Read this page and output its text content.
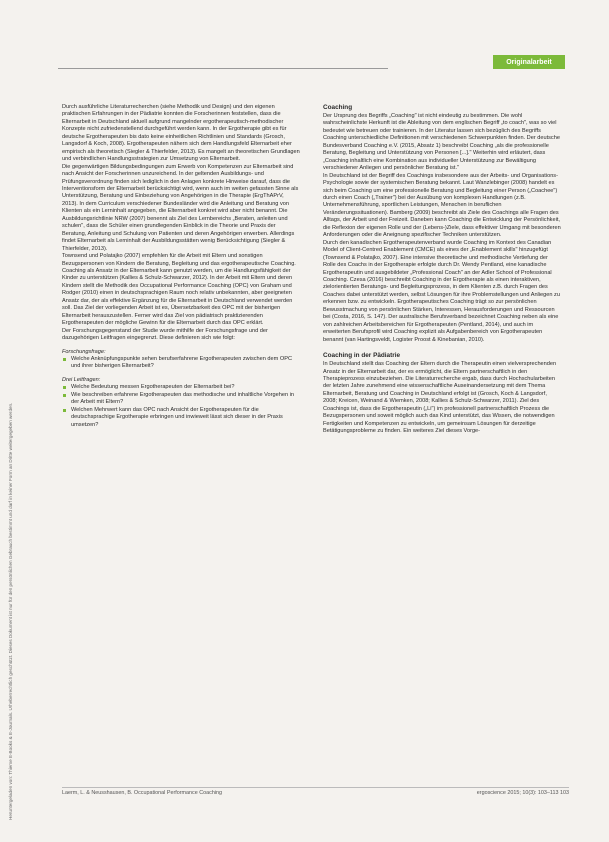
Originalarbeit
Heruntergeladen von: Thieme E-Books & E-Journals. Urheberrechtlich geschützt. Dieses Dokument ist nur für den persönlichen Gebrauch bestimmt und darf in keiner Form an Dritte weitergegeben werden.

Durch ausführliche Literaturrecherchen (siehe Methodik und Design) und den eigenen praktischen Erfahrungen in der Pädiatrie konnten die Forscherinnen feststellen, dass die Elternarbeit in Deutschland aktuell aufgrund mangelnder ergotherapeutisch-methodischer Konzepte nicht zufriedenstellend durchgeführt werden kann. In der Ergotherapie gibt es für deutsche Ergotherapeuten bis dato keine einheitlichen Richtlinien und Standards (Grosch, Langsdorf & Koch, 2008). Ergotherapeuten nähern sich dem Handlungsfeld Elternarbeit eher empirisch als theoretisch (Siegler & Thierfelder, 2013). Es mangelt an theoretischen Grundlagen und verbindlichen Handlungsstrategien zur Umsetzung von Elternarbeit.

Die gegenwärtigen Bildungsbedingungen zum Erwerb von Kompetenzen zur Elternarbeit sind nach Ansicht der Forscherinnen unzureichend. In der geltenden Ausbildungs- und Prüfungsverordnung finden sich lediglich in den Anlagen konkrete Hinweise darauf, dass die Interventionsform der Elternarbeit berücksichtigt wird, wenn auch im weiten gefassten Sinne als Unterstützung, Beratung und Einbeziehung von Angehörigen in die Therapie (ErgThAPrV, 2013). In dem Curriculum verschiedener Bundesländer wird die Anleitung und Beratung von Klienten als ein Lerninhalt angegeben, die Elternarbeit konkret wird aber nicht benannt. Die Ausbildungsrichtlinie NRW (2007) benennt als Ziel des Lernbereichs „Beraten, anleiten und schulen", dass die Schüler einen grundlegenden Einblick in die Theorie und Praxis der Beratung, Anleitung und Schulung von Patienten und deren Angehörigen erwerben. Allerdings findet Elternarbeit als Lerninhalt der Ausbildungsstätten wenig Berücksichtigung (Siegler & Thierfelder, 2013).

Townsend und Polatajko (2007) empfehlen für die Arbeit mit Eltern und sonstigen Bezugspersonen von Kindern die Beratung, Begleitung und das ergotherapeutische Coaching.

Coaching als Ansatz in der Elternarbeit kann genutzt werden, um die Handlungsfähigkeit der Kinder zu unterstützen (Kallies & Schulz-Schwarzer, 2012). In der Arbeit mit Eltern und deren Kindern stellt die Methodik des Occupational Performance Coaching (OPC) von Graham und Rodger (2010) einen in deutschsprachigen Raum noch relativ unbekannten, aber geeigneten Ansatz dar, der als effektive Ergänzung für die Elternarbeit in Deutschland verwendet werden soll. Das Ziel der vorliegenden Arbeit ist es, Übersetzbarkeit des OPC mit der bisherigen Elternarbeit herauszustellen. Ferner wird das Ziel von pädiatrisch praktizierenden Ergotherapeuten der mögliche Gewinn für die Elternarbeit durch das OPC erklärt.

Der Forschungsgegenstand der Studie wurde mithilfe der Forschungsfrage und der dazugehörigen Leitfragen eingegrenzt. Diese definieren sich wie folgt:

Forschungsfrage:

Welche Anknüpfungspunkte sehen berufserfahrene Ergotherapeuten zwischen dem OPC und ihrer bisherigen Elternarbeit?

Drei Leitfragen:

Welche Bedeutung messen Ergotherapeuten der Elternarbeit bei?
Wie beschreiben erfahrene Ergotherapeuten das methodische und inhaltliche Vorgehen in der Arbeit mit Eltern?
Welchen Mehrwert kann das OPC nach Ansicht der Ergotherapeuten für die deutschsprachige Ergotherapie erbringen und inwieweit lässt sich dieser in der Praxis umsetzen?
Coaching

Der Ursprung des Begriffs „Coaching" ist nicht eindeutig zu bestimmen. Die wohl wahrscheinlichste Herkunft ist die Ableitung von dem englischen Begriff „to coach", was so viel bedeutet wie betreuen oder trainieren. In der Literatur lassen sich bezüglich des Begriffs Coaching unterschiedliche Definitionen mit verschiedenen Schwerpunkten finden. Der deutsche Bundesverband Coaching e.V. (2015, Absatz 1) beschreibt Coaching „als die professionelle Beratung, Begleitung und Unterstützung von Personen [...]." Weiterhin wird erläutert, dass „Coaching inhaltlich eine Kombination aus individueller Unterstützung zur Bewältigung verschiedener Anliegen und persönlicher Beratung ist."

In Deutschland ist der Begriff des Coachings insbesondere aus der Arbeits- und Organisations-Psychologie sowie der systemischen Beratung bekannt. Laut Wanzlebinger (2008) handelt es sich beim Coaching um eine professionelle Beratung und Begleitung einer Person („Coachee") durch einen Coach („Trainer") bei der Ausübung von komplexen Handlungen (z.B. Unternehmensführung, sportlichen Leistungen, Menschen in beruflichen Veränderungssituationen). Bamberg (2009) beschreibt als Ziele des Coachings alle Fragen des Alltags, der Arbeit und der Freizeit. Daneben kann Coaching die Entwicklung der Persönlichkeit, die Reflexion der eigenen Rolle und der (Lebens-)Ziele, dass effektiver Umgang mit besonderen Anforderungen oder die Aneignung spezifischer Techniken unterstützen.

Durch den kanadischen Ergotherapeutenverband wurde Coaching im Kontext des Canadian Model of Client-Centred Enablement (CMCE) als eines der „Enablement skills" hinzugefügt (Townsend & Polatajko, 2007). Eine intensive theoretische und methodische Vertiefung der Rolle des Coachs in der Ergotherapie erfolgte durch Dr. Wendy Pentland, eine kanadische Ergotherapeutin und ausgebildeter „Professional Coach" an der Adler School of Professional Coaching. Czesa (2016) beschreibt Coaching in der Ergotherapie als einen interaktiven, zielorientierten Beratungs- und Begleitungsprozess, in dem Klienten z.B. durch Fragen des Coaches dabei unterstützt werden, selbst Lösungen für ihre Problemstellungen und Anliegen zu erkennen bzw. zu entwickeln. Ergotherapeutisches Coaching trägt so zur persönlichen Bewusstmachung von persönlichen Stärken, Interessen, Herausforderungen und Ressourcen bei (Costa, 2016, S. 147). Der australische Berufsverband bezeichnet Coaching neben als eine von zahlreichen Arbeitsbereichen für Ergotherapeuten (Pentland, 2014), und auch im erweiterten Berufsprofil wird Coaching explizit als Aufgabenbereich von Ergotherapeuten benannt (van Hartingsveldt, Logister Proost & Kinebanian, 2010).

Coaching in der Pädiatrie

In Deutschland stellt das Coaching der Eltern durch die Therapeutin einen vielversprechenden Ansatz in der Elternarbeit dar, der es ermöglicht, die Eltern partnerschaftlich in den Therapieprozess einzubeziehen. Die Literaturrecherche ergab, dass durch Hochschularbeiten der letzten Jahre zunehmend eine wissenschaftliche Auseinandersetzung mit dem Thema Elternarbeit, Beratung und Coaching in Deutschland erfolgt ist (Grosch, Koch & Langsdorf, 2008; Kreicen, Weinand & Wiemken, 2008; Kallies & Schulz-Schwarzer, 2011). Ziel des Coachings ist, dass die Ergotherapeutin („Li") im professionell partnerschaftlich Prozess die Bezugspersonen und soweit möglich auch das Kind unterstützt, das Wissen, die notwendigen Fertigkeiten und Kompetenzen zu entwickeln, um gemeinsam Lösungen für derzeitige Betätigungsprobleme zu finden. Ein weiteres Ziel dieses Vorge-

Laerm, L. & Neusshausen, B. Occupational Performance Coaching	ergoscience 2015; 10(3): 103–113 103
